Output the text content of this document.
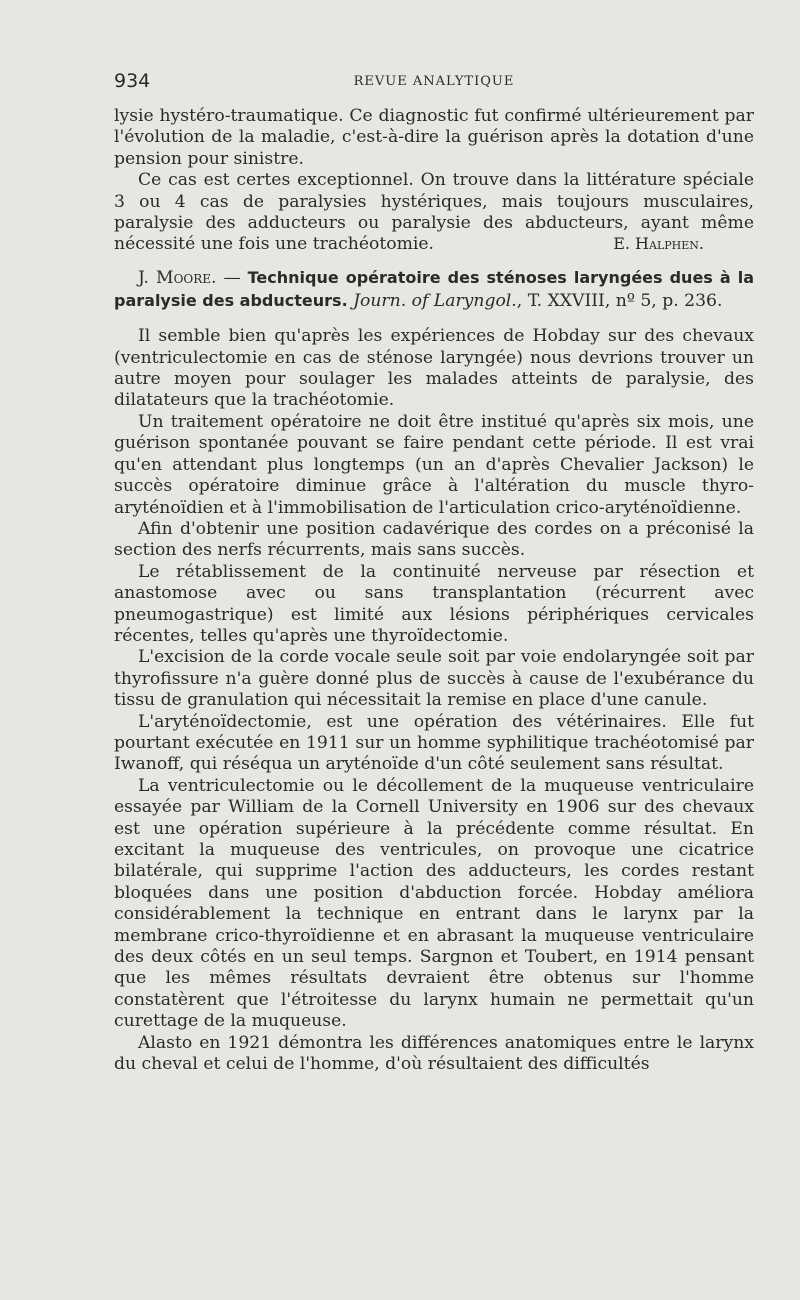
934	REVUE ANALYTIQUE

lysie hystéro-traumatique. Ce diagnostic fut confirmé ultérieurement par l'évolution de la maladie, c'est-à-dire la guérison après la dotation d'une pension pour sinistre.

Ce cas est certes exceptionnel. On trouve dans la littérature spéciale 3 ou 4 cas de paralysies hystériques, mais toujours musculaires, paralysie des adducteurs ou paralysie des abducteurs, ayant même nécessité une fois une trachéotomie.	E. Halphen.

J. Moore. — Technique opératoire des sténoses laryngées dues à la paralysie des abducteurs. Journ. of Laryngol., T. XXVIII, nº 5, p. 236.

Il semble bien qu'après les expériences de Hobday sur des chevaux (ventriculectomie en cas de sténose laryngée) nous devrions trouver un autre moyen pour soulager les malades atteints de paralysie, des dilatateurs que la trachéotomie.

Un traitement opératoire ne doit être institué qu'après six mois, une guérison spontanée pouvant se faire pendant cette période. Il est vrai qu'en attendant plus longtemps (un an d'après Chevalier Jackson) le succès opératoire diminue grâce à l'altération du muscle thyro-aryténoïdien et à l'immobilisation de l'articulation crico-aryténoïdienne.

Afin d'obtenir une position cadavérique des cordes on a préconisé la section des nerfs récurrents, mais sans succès.

Le rétablissement de la continuité nerveuse par résection et anastomose avec ou sans transplantation (récurrent avec pneumogastrique) est limité aux lésions périphériques cervicales récentes, telles qu'après une thyroïdectomie.

L'excision de la corde vocale seule soit par voie endolaryngée soit par thyrofissure n'a guère donné plus de succès à cause de l'exubérance du tissu de granulation qui nécessitait la remise en place d'une canule.

L'aryténoïdectomie, est une opération des vétérinaires. Elle fut pourtant exécutée en 1911 sur un homme syphilitique trachéotomisé par Iwanoff, qui réséqua un aryténoïde d'un côté seulement sans résultat.

La ventriculectomie ou le décollement de la muqueuse ventriculaire essayée par William de la Cornell University en 1906 sur des chevaux est une opération supérieure à la précédente comme résultat. En excitant la muqueuse des ventricules, on provoque une cicatrice bilatérale, qui supprime l'action des adducteurs, les cordes restant bloquées dans une position d'abduction forcée. Hobday améliora considérablement la technique en entrant dans le larynx par la membrane crico-thyroïdienne et en abrasant la muqueuse ventriculaire des deux côtés en un seul temps. Sargnon et Toubert, en 1914 pensant que les mêmes résultats devraient être obtenus sur l'homme constatèrent que l'étroitesse du larynx humain ne permettait qu'un curettage de la muqueuse.

Alasto en 1921 démontra les différences anatomiques entre le larynx du cheval et celui de l'homme, d'où résultaient des difficultés
